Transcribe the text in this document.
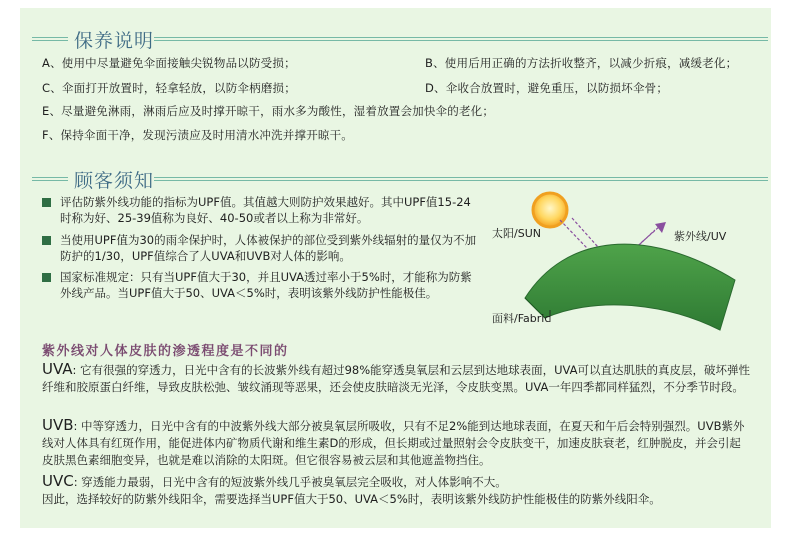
保养说明
A、使用中尽量避免伞面接触尖锐物品以防受损；	B、使用后用正确的方法折收整齐，以减少折痕，减缓老化；
C、伞面打开放置时，轻拿轻放，以防伞柄磨损；	D、伞收合放置时，避免重压，以防损坏伞骨；
E、尽量避免淋雨，淋雨后应及时撑开晾干，雨水多为酸性，湿着放置会加快伞的老化；
F、保持伞面干净，发现污渍应及时用清水冲洗并撑开晾干。
顾客须知
评估防紫外线功能的指标为UPF值。其值越大则防护效果越好。其中UPF值15-24时称为好、25-39值称为良好、40-50或者以上称为非常好。
当使用UPF值为30的雨伞保护时，人体被保护的部位受到紫外线辐射的量仅为不加防护的1/30，UPF值综合了人UVA和UVB对人体的影响。
国家标准规定：只有当UPF值大于30，并且UVA透过率小于5%时，才能称为防紫外线产品。当UPF值大于50、UVA＜5%时，表明该紫外线防护性能极佳。
太阳/SUN	紫外线/UV
面料/Fabric
紫外线对人体皮肤的渗透程度是不同的
UVA: 它有很强的穿透力，日光中含有的长波紫外线有超过98%能穿透臭氧层和云层到达地球表面，UVA可以直达肌肤的真皮层，破坏弹性纤维和胶原蛋白纤维，导致皮肤松弛、皱纹涌现等恶果，还会使皮肤暗淡无光泽，令皮肤变黑。UVA一年四季都同样猛烈，不分季节时段。
UVB: 中等穿透力，日光中含有的中波紫外线大部分被臭氧层所吸收，只有不足2%能到达地球表面，在夏天和午后会特别强烈。UVB紫外线对人体具有红斑作用，能促进体内矿物质代谢和维生素D的形成，但长期或过量照射会令皮肤变干，加速皮肤衰老，红肿脱皮，并会引起皮肤黑色素细胞变异，也就是难以消除的太阳斑。但它很容易被云层和其他遮盖物挡住。
UVC: 穿透能力最弱，日光中含有的短波紫外线几乎被臭氧层完全吸收，对人体影响不大。
因此，选择较好的防紫外线阳伞，需要选择当UPF值大于50、UVA＜5%时，表明该紫外线防护性能极佳的防紫外线阳伞。
